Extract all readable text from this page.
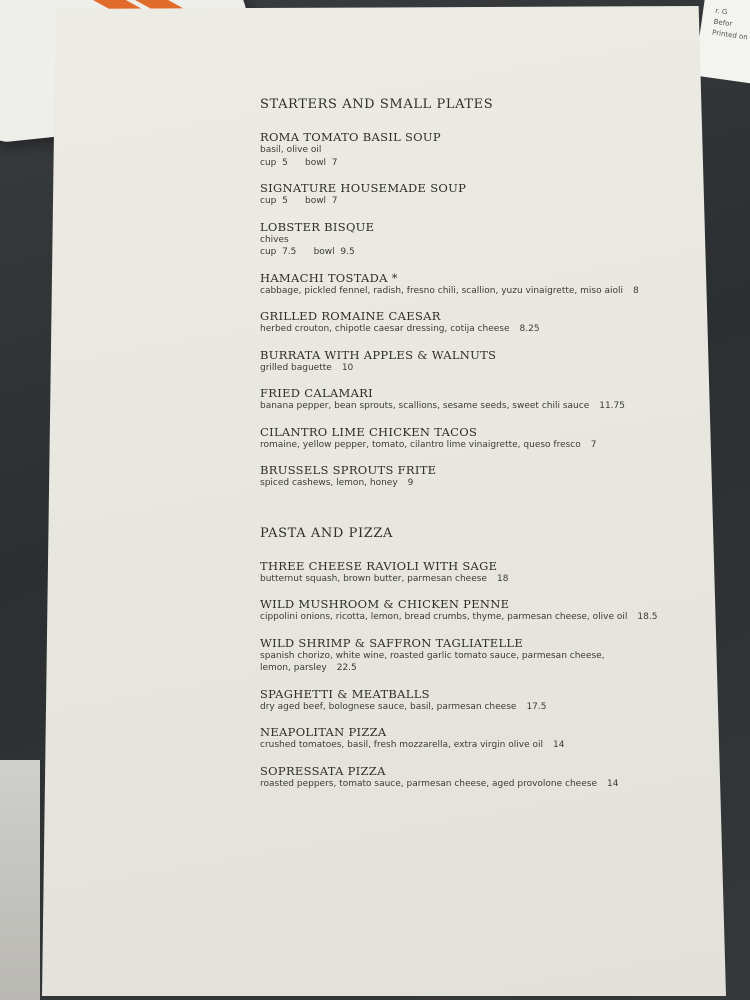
r. G
Befor
Printed on
STARTERS AND SMALL PLATES
ROMA TOMATO BASIL SOUP
basil, olive oil
cup  5      bowl  7
SIGNATURE HOUSEMADE SOUP
cup  5      bowl  7
LOBSTER BISQUE
chives
cup  7.5      bowl  9.5
HAMACHI TOSTADA *
cabbage, pickled fennel, radish, fresno chili, scallion, yuzu vinaigrette, miso aioli 8
GRILLED ROMAINE CAESAR
herbed crouton, chipotle caesar dressing, cotija cheese 8.25
BURRATA WITH APPLES & WALNUTS
grilled baguette 10
FRIED CALAMARI
banana pepper, bean sprouts, scallions, sesame seeds, sweet chili sauce 11.75
CILANTRO LIME CHICKEN TACOS
romaine, yellow pepper, tomato, cilantro lime vinaigrette, queso fresco 7
BRUSSELS SPROUTS FRITE
spiced cashews, lemon, honey 9
PASTA AND PIZZA
THREE CHEESE RAVIOLI WITH SAGE
butternut squash, brown butter, parmesan cheese 18
WILD MUSHROOM & CHICKEN PENNE
cippolini onions, ricotta, lemon, bread crumbs, thyme, parmesan cheese, olive oil 18.5
WILD SHRIMP & SAFFRON TAGLIATELLE
spanish chorizo, white wine, roasted garlic tomato sauce, parmesan cheese,
lemon, parsley 22.5
SPAGHETTI & MEATBALLS
dry aged beef, bolognese sauce, basil, parmesan cheese 17.5
NEAPOLITAN PIZZA
crushed tomatoes, basil, fresh mozzarella, extra virgin olive oil 14
SOPRESSATA PIZZA
roasted peppers, tomato sauce, parmesan cheese, aged provolone cheese 14
